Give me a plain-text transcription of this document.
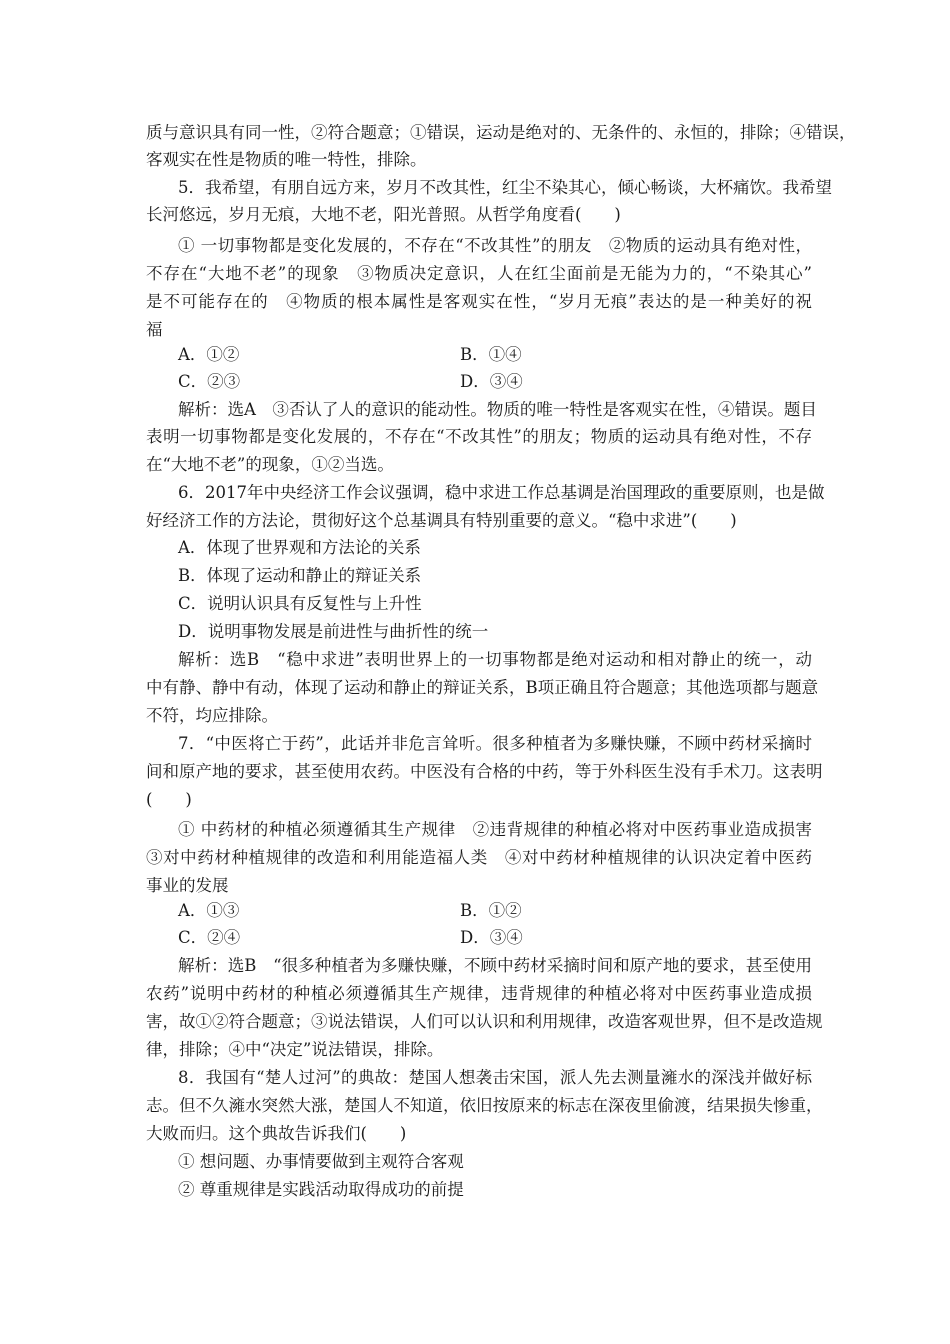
质与意识具有同一性，②符合题意；①错误，运动是绝对的、无条件的、永恒的，排除；④错误，
客观实在性是物质的唯一特性，排除。
5．我希望，有朋自远方来，岁月不改其性，红尘不染其心，倾心畅谈，大杯痛饮。我希望
长河悠远，岁月无痕，大地不老，阳光普照。从哲学角度看(　　)
① 一切事物都是变化发展的，不存在“不改其性”的朋友　②物质的运动具有绝对性，
不存在“大地不老”的现象　③物质决定意识，人在红尘面前是无能为力的，“不染其心”
是不可能存在的　④物质的根本属性是客观实在性，“岁月无痕”表达的是一种美好的祝
福
A．①②	B．①④
C．②③	D．③④
解析：选A　③否认了人的意识的能动性。物质的唯一特性是客观实在性，④错误。题目
表明一切事物都是变化发展的，不存在“不改其性”的朋友；物质的运动具有绝对性，不存
在“大地不老”的现象，①②当选。
6．2017年中央经济工作会议强调，稳中求进工作总基调是治国理政的重要原则，也是做
好经济工作的方法论，贯彻好这个总基调具有特别重要的意义。“稳中求进”(　　)
A．体现了世界观和方法论的关系
B．体现了运动和静止的辩证关系
C．说明认识具有反复性与上升性
D．说明事物发展是前进性与曲折性的统一
解析：选B　“稳中求进”表明世界上的一切事物都是绝对运动和相对静止的统一，动
中有静、静中有动，体现了运动和静止的辩证关系，B项正确且符合题意；其他选项都与题意
不符，均应排除。
7．“中医将亡于药”，此话并非危言耸听。很多种植者为多赚快赚，不顾中药材采摘时
间和原产地的要求，甚至使用农药。中医没有合格的中药，等于外科医生没有手术刀。这表明
(　　)
① 中药材的种植必须遵循其生产规律　②违背规律的种植必将对中医药事业造成损害
③对中药材种植规律的改造和利用能造福人类　④对中药材种植规律的认识决定着中医药
事业的发展
A．①③	B．①②
C．②④	D．③④
解析：选B　“很多种植者为多赚快赚，不顾中药材采摘时间和原产地的要求，甚至使用
农药”说明中药材的种植必须遵循其生产规律，违背规律的种植必将对中医药事业造成损
害，故①②符合题意；③说法错误，人们可以认识和利用规律，改造客观世界，但不是改造规
律，排除；④中“决定”说法错误，排除。
8．我国有“楚人过河”的典故：楚国人想袭击宋国，派人先去测量澭水的深浅并做好标
志。但不久澭水突然大涨，楚国人不知道，依旧按原来的标志在深夜里偷渡，结果损失惨重，
大败而归。这个典故告诉我们(　　)
① 想问题、办事情要做到主观符合客观
② 尊重规律是实践活动取得成功的前提
